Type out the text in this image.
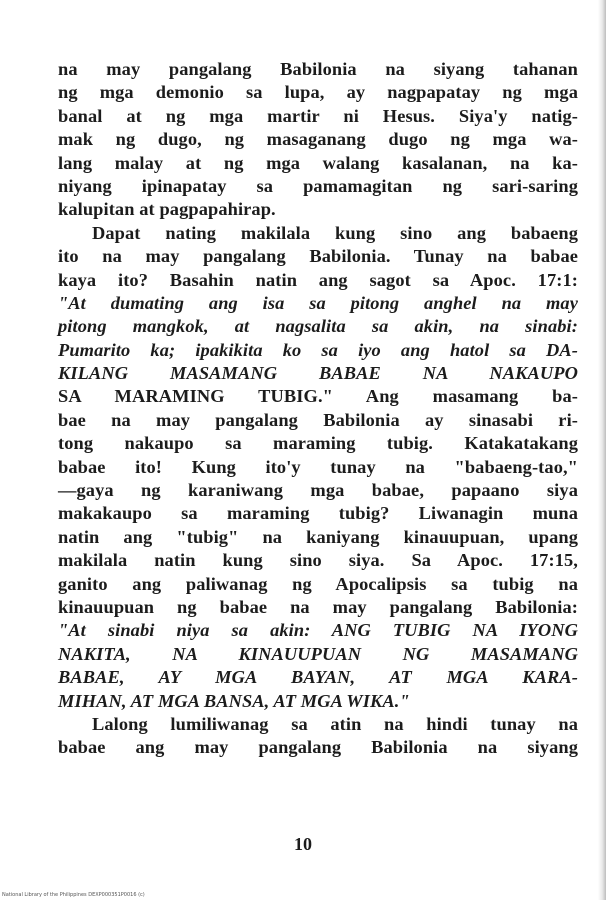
na may pangalang Babilonia na siyang tahanan
ng mga demonio sa lupa, ay nagpapatay ng mga
banal at ng mga martir ni Hesus. Siya'y natig-
mak ng dugo, ng masaganang dugo ng mga wa-
lang malay at ng mga walang kasalanan, na ka-
niyang ipinapatay sa pamamagitan ng sari-saring
kalupitan at pagpapahirap.
Dapat nating makilala kung sino ang babaeng
ito na may pangalang Babilonia. Tunay na babae
kaya ito? Basahin natin ang sagot sa Apoc. 17:1:
"At dumating ang isa sa pitong anghel na may
pitong mangkok, at nagsalita sa akin, na sinabi:
Pumarito ka; ipakikita ko sa iyo ang hatol sa DA-
KILANG MASAMANG BABAE NA NAKAUPO
SA MARAMING TUBIG." Ang masamang ba-
bae na may pangalang Babilonia ay sinasabi ri-
tong nakaupo sa maraming tubig. Katakatakang
babae ito! Kung ito'y tunay na "babaeng-tao,"
—gaya ng karaniwang mga babae, papaano siya
makakaupo sa maraming tubig? Liwanagin muna
natin ang "tubig" na kaniyang kinauupuan, upang
makilala natin kung sino siya. Sa Apoc. 17:15,
ganito ang paliwanag ng Apocalipsis sa tubig na
kinauupuan ng babae na may pangalang Babilonia:
"At sinabi niya sa akin: ANG TUBIG NA IYONG
NAKITA, NA KINAUUPUAN NG MASAMANG
BABAE, AY MGA BAYAN, AT MGA KARA-
MIHAN, AT MGA BANSA, AT MGA WIKA."
Lalong lumiliwanag sa atin na hindi tunay na
babae ang may pangalang Babilonia na siyang
10
National Library of the Philippines DEXP000351P0016 (c)
